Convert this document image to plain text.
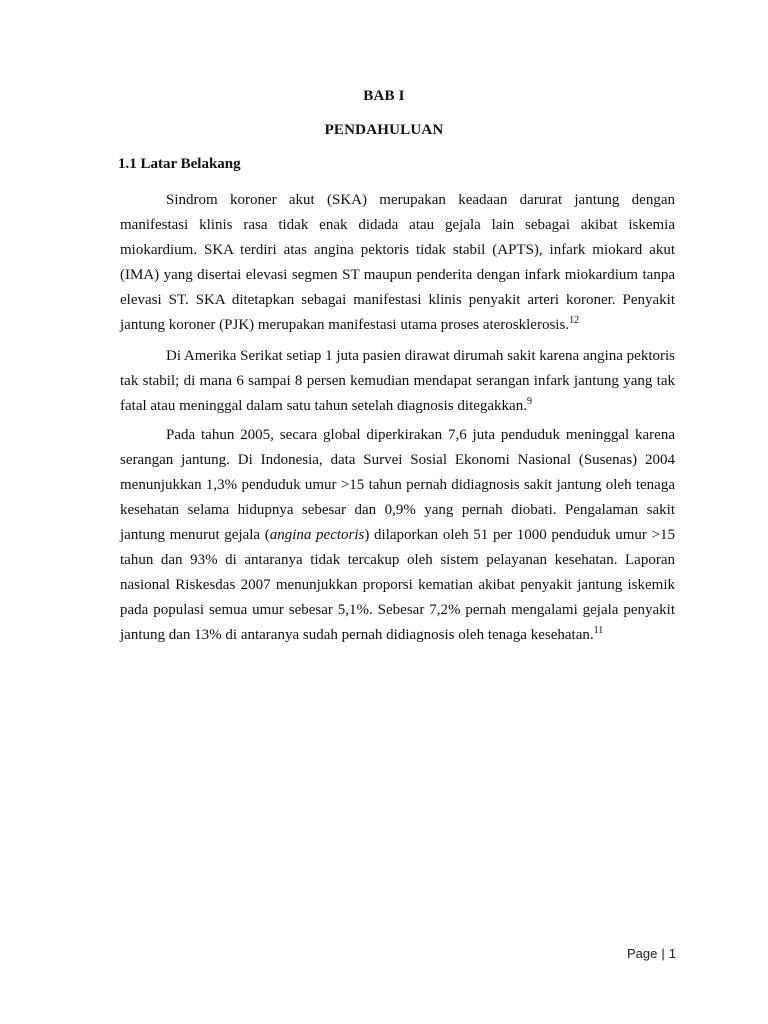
BAB I
PENDAHULUAN
1.1 Latar Belakang

Sindrom koroner akut (SKA) merupakan keadaan darurat jantung dengan manifestasi klinis rasa tidak enak didada atau gejala lain sebagai akibat iskemia miokardium. SKA terdiri atas angina pektoris tidak stabil (APTS), infark miokard akut (IMA) yang disertai elevasi segmen ST maupun penderita dengan infark miokardium tanpa elevasi ST. SKA ditetapkan sebagai manifestasi klinis penyakit arteri koroner. Penyakit jantung koroner (PJK) merupakan manifestasi utama proses aterosklerosis.$^{12}$

Di Amerika Serikat setiap 1 juta pasien dirawat dirumah sakit karena angina pektoris tak stabil; di mana 6 sampai 8 persen kemudian mendapat serangan infark jantung yang tak fatal atau meninggal dalam satu tahun setelah diagnosis ditegakkan.$^9$

Pada tahun 2005, secara global diperkirakan 7,6 juta penduduk meninggal karena serangan jantung. Di Indonesia, data Survei Sosial Ekonomi Nasional (Susenas) 2004 menunjukkan 1,3% penduduk umur >15 tahun pernah didiagnosis sakit jantung oleh tenaga kesehatan selama hidupnya sebesar dan 0,9% yang pernah diobati. Pengalaman sakit jantung menurut gejala (angina pectoris) dilaporkan oleh 51 per 1000 penduduk umur >15 tahun dan 93% di antaranya tidak tercakup oleh sistem pelayanan kesehatan. Laporan nasional Riskesdas 2007 menunjukkan proporsi kematian akibat penyakit jantung iskemik pada populasi semua umur sebesar 5,1%. Sebesar 7,2% pernah mengalami gejala penyakit jantung dan 13% di antaranya sudah pernah didiagnosis oleh tenaga kesehatan.$^{11}$

Page | 1
